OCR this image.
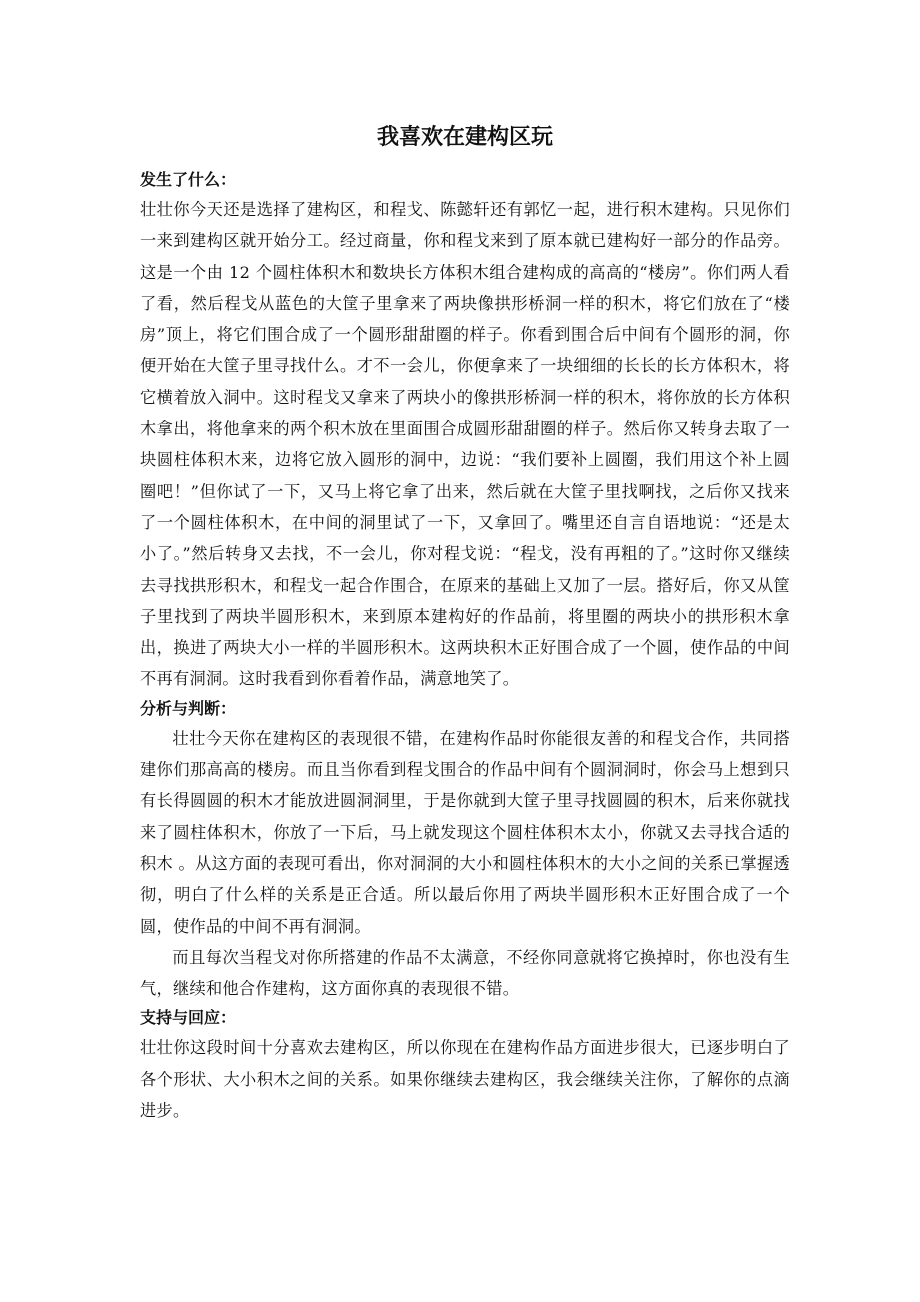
我喜欢在建构区玩
发生了什么：

壮壮你今天还是选择了建构区，和程戈、陈懿轩还有郭忆一起，进行积木建构。只见你们一来到建构区就开始分工。经过商量，你和程戈来到了原本就已建构好一部分的作品旁。这是一个由 12 个圆柱体积木和数块长方体积木组合建构成的高高的“楼房”。你们两人看了看，然后程戈从蓝色的大筐子里拿来了两块像拱形桥洞一样的积木，将它们放在了“楼房”顶上，将它们围合成了一个圆形甜甜圈的样子。你看到围合后中间有个圆形的洞，你便开始在大筐子里寻找什么。才不一会儿，你便拿来了一块细细的长长的长方体积木，将它横着放入洞中。这时程戈又拿来了两块小的像拱形桥洞一样的积木，将你放的长方体积木拿出，将他拿来的两个积木放在里面围合成圆形甜甜圈的样子。然后你又转身去取了一块圆柱体积木来，边将它放入圆形的洞中，边说：“我们要补上圆圈，我们用这个补上圆圈吧！”但你试了一下，又马上将它拿了出来，然后就在大筐子里找啊找，之后你又找来了一个圆柱体积木，在中间的洞里试了一下，又拿回了。嘴里还自言自语地说：“还是太小了。”然后转身又去找，不一会儿，你对程戈说：“程戈，没有再粗的了。”这时你又继续去寻找拱形积木，和程戈一起合作围合，在原来的基础上又加了一层。搭好后，你又从筐子里找到了两块半圆形积木，来到原本建构好的作品前，将里圈的两块小的拱形积木拿出，换进了两块大小一样的半圆形积木。这两块积木正好围合成了一个圆，使作品的中间不再有洞洞。这时我看到你看着作品，满意地笑了。

分析与判断：

壮壮今天你在建构区的表现很不错，在建构作品时你能很友善的和程戈合作，共同搭建你们那高高的楼房。而且当你看到程戈围合的作品中间有个圆洞洞时，你会马上想到只有长得圆圆的积木才能放进圆洞洞里，于是你就到大筐子里寻找圆圆的积木，后来你就找来了圆柱体积木，你放了一下后，马上就发现这个圆柱体积木太小，你就又去寻找合适的积木 。从这方面的表现可看出，你对洞洞的大小和圆柱体积木的大小之间的关系已掌握透彻，明白了什么样的关系是正合适。所以最后你用了两块半圆形积木正好围合成了一个圆，使作品的中间不再有洞洞。

而且每次当程戈对你所搭建的作品不太满意，不经你同意就将它换掉时，你也没有生气，继续和他合作建构，这方面你真的表现很不错。

支持与回应：

壮壮你这段时间十分喜欢去建构区，所以你现在在建构作品方面进步很大，已逐步明白了各个形状、大小积木之间的关系。如果你继续去建构区，我会继续关注你，了解你的点滴进步。
